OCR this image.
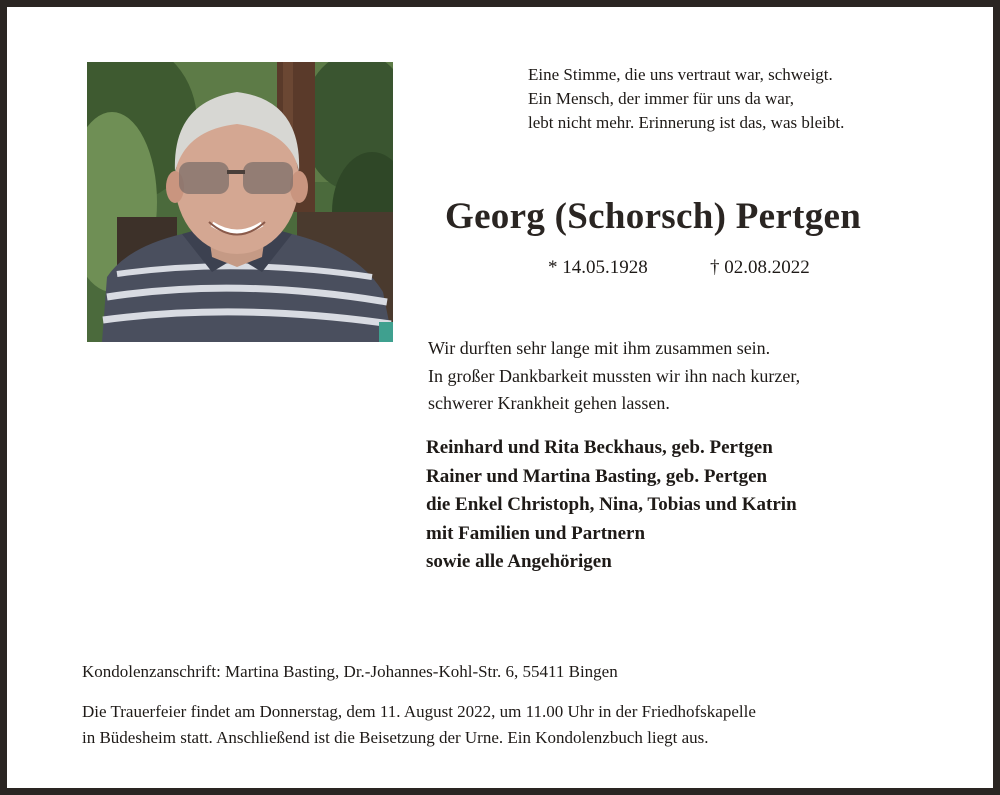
Eine Stimme, die uns vertraut war, schweigt.
Ein Mensch, der immer für uns da war,
lebt nicht mehr. Erinnerung ist das, was bleibt.
Georg (Schorsch) Pertgen
* 14.05.1928	† 02.08.2022
Wir durften sehr lange mit ihm zusammen sein.
In großer Dankbarkeit mussten wir ihn nach kurzer,
schwerer Krankheit gehen lassen.
Reinhard und Rita Beckhaus, geb. Pertgen
Rainer und Martina Basting, geb. Pertgen
die Enkel Christoph, Nina, Tobias und Katrin
mit Familien und Partnern
sowie alle Angehörigen
Kondolenzanschrift: Martina Basting, Dr.-Johannes-Kohl-Str. 6, 55411 Bingen
Die Trauerfeier findet am Donnerstag, dem 11. August 2022, um 11.00 Uhr in der Friedhofskapelle
in Büdesheim statt. Anschließend ist die Beisetzung der Urne. Ein Kondolenzbuch liegt aus.
